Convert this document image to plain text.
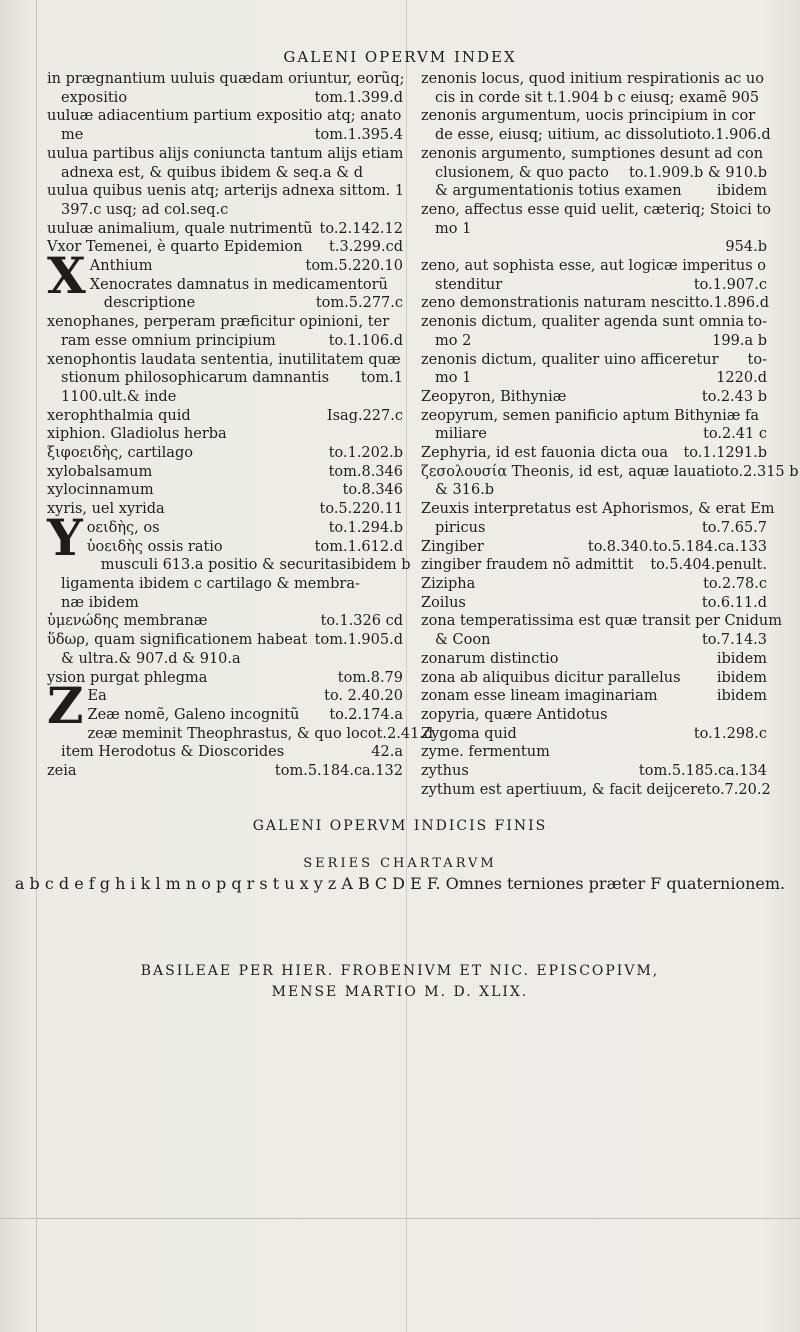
GALENI OPERVM INDEX
in prægnantium uuluis quædam oriuntur, eorũq;
expositio	tom.1.399.d
uuluæ adiacentium partium expositio atq; anato
me	tom.1.395.4
uulua partibus alijs coniuncta tantum alijs etiam
adnexa est, & quibus ibidem & seq.a & d
uulua quibus uenis atq; arterijs adnexa sit tom. 1
397.c usq; ad col.seq.c
uuluæ animalium, quale nutrimentũ to.2.142.12
Vxor Temenei, è quarto Epidemion t.3.299.cd
X Anthium	tom.5.220.10
Xenocrates damnatus in medicamentorũ
descriptione	tom.5.277.c
xenophanes, perperam præficitur opinioni, ter
ram esse omnium principium	to.1.106.d
xenophontis laudata sententia, inutilitatem quæ
stionum philosophicarum damnantis tom.1
1100.ult.& inde
xerophthalmia quid	Isag.227.c
xiphion. Gladiolus herba
ξιφοειδὴς, cartilago	to.1.202.b
xylobalsamum	tom.8.346
xylocinnamum	to.8.346
xyris, uel xyrida	to.5.220.11
Y οειδὴς, os	to.1.294.b
ὑοειδὴς ossis ratio	tom.1.612.d
musculi 613.a positio & securitas ibidem b
ligamenta ibidem c cartilago & membra-
næ ibidem
ὑμενώδης membranæ	to.1.326 cd
ὕδωρ, quam significationem habeat tom.1.905.d
& ultra.& 907.d & 910.a
ysion purgat phlegma	tom.8.79
Z Ea	to. 2.40.20
Zeæ nomẽ, Galeno incognitũ to.2.174.a
zeæ meminit Theophrastus, & quo loco t.2.41.d
item Herodotus & Dioscorides	42.a
zeia	tom.5.184.ca.132
zenonis locus, quod initium respirationis ac uo
cis in corde sit t.1.904 b c eiusq; examẽ 905
zenonis argumentum, uocis principium in cor
de esse, eiusq; uitium, ac dissolutio to.1.906.d
zenonis argumento, sumptiones desunt ad con
clusionem, & quo pacto to.1.909.b & 910.b
& argumentationis totius examen ibidem
zeno, affectus esse quid uelit, cæteriq; Stoici to
mo 1
954.b
zeno, aut sophista esse, aut logicæ imperitus o
stenditur	to.1.907.c
zeno demonstrationis naturam nescit to.1.896.d
zenonis dictum, qualiter agenda sunt omnia to-
mo 2	199.a b
zenonis dictum, qualiter uino afficeretur to-
mo 1	1220.d
Zeopyron, Bithyniæ	to.2.43 b
zeopyrum, semen panificio aptum Bithyniæ fa
miliare	to.2.41 c
Zephyria, id est fauonia dicta oua to.1.1291.b
ζεσολουσία Theonis, id est, aquæ lauatio to.2.315 b
& 316.b
Zeuxis interpretatus est Aphorismos, & erat Em
piricus	to.7.65.7
Zingiber	to.8.340.to.5.184.ca.133
zingiber fraudem nõ admittit to.5.404.penult.
Zizipha	to.2.78.c
Zoilus	to.6.11.d
zona temperatissima est quæ transit per Cnidum
& Coon	to.7.14.3
zonarum distinctio	ibidem
zona ab aliquibus dicitur parallelus	ibidem
zonam esse lineam imaginariam	ibidem
zopyria, quære Antidotus
Zygoma quid	to.1.298.c
zyme. fermentum
zythus	tom.5.185.ca.134
zythum est apertiuum, & facit deijcere to.7.20.2
GALENI OPERVM INDICIS FINIS
SERIES CHARTARVM
a b c d e f g h i k l m n o p q r s t u x y z A B C D E F. Omnes terniones præter F quaternionem.
BASILEAE PER HIER. FROBENIVM ET NIC. EPISCOPIVM,
MENSE MARTIO M. D. XLIX.
